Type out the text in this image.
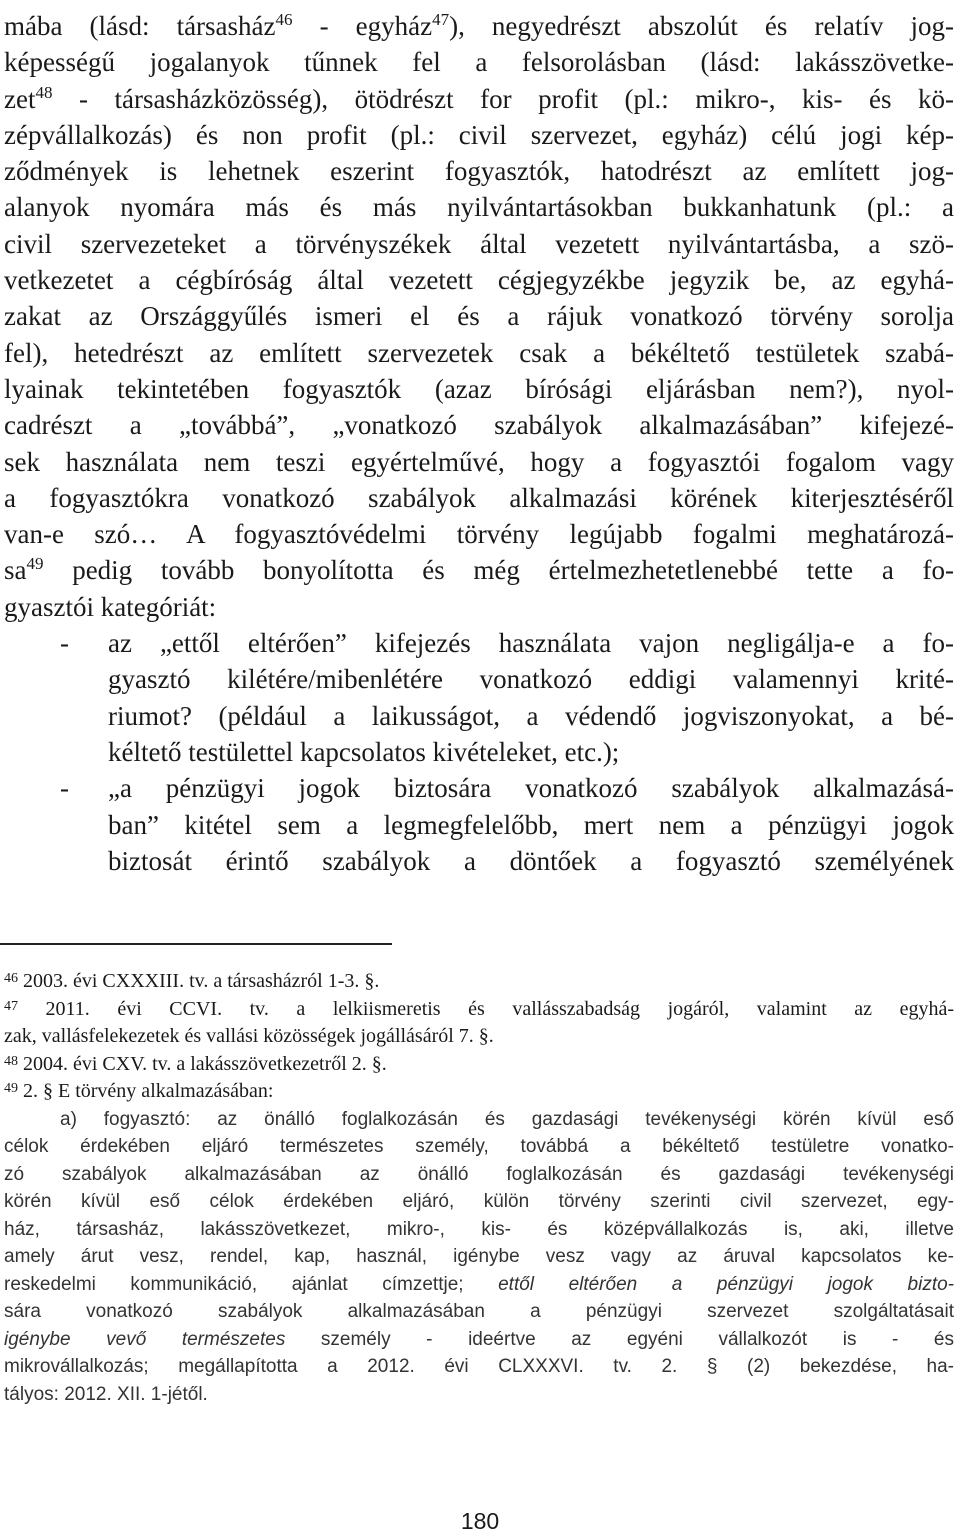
mába (lásd: társasház$^{46}$ - egyház$^{47}$), negyedrészt abszolút és relatív jog-
képességű jogalanyok tűnnek fel a felsorolásban (lásd: lakásszövetke-
zet$^{48}$ - társasházközösség), ötödrészt for profit (pl.: mikro-, kis- és kö-
zépvállalkozás) és non profit (pl.: civil szervezet, egyház) célú jogi kép-
ződmények is lehetnek eszerint fogyasztók, hatodrészt az említett jog-
alanyok nyomára más és más nyilvántartásokban bukkanhatunk (pl.: a
civil szervezeteket a törvényszékek által vezetett nyilvántartásba, a szö-
vetkezetet a cégbíróság által vezetett cégjegyzékbe jegyzik be, az egyhá-
zakat az Országgyűlés ismeri el és a rájuk vonatkozó törvény sorolja
fel), hetedrészt az említett szervezetek csak a békéltető testületek szabá-
lyainak tekintetében fogyasztók (azaz bírósági eljárásban nem?), nyol-
cadrészt a „továbbá”, „vonatkozó szabályok alkalmazásában” kifejezé-
sek használata nem teszi egyértelművé, hogy a fogyasztói fogalom vagy
a fogyasztókra vonatkozó szabályok alkalmazási körének kiterjesztéséről
van-e szó… A fogyasztóvédelmi törvény legújabb fogalmi meghatározá-
$sa^{49}$ pedig tovább bonyolította és még értelmezhetetlenebbé tette a fo-
gyasztói kategóriát:
- az „ettől eltérően” kifejezés használata vajon negligálja-e a fo-
gyasztó kilétére/mibenlétére vonatkozó eddigi valamennyi krité-
riumot? (például a laikusságot, a védendő jogviszonyokat, a bé-
kéltető testülettel kapcsolatos kivételeket, etc.);
- „a pénzügyi jogok biztosára vonatkozó szabályok alkalmazásá-
ban” kitétel sem a legmegfelelőbb, mert nem a pénzügyi jogok
biztosát érintő szabályok a döntőek a fogyasztó személyének
$^{46}$ 2003. évi CXXXIII. tv. a társasházról 1-3. §.
$^{47}$ 2011. évi CCVI. tv. a lelkiismeretis és vallásszabadság jogáról, valamint az egyhá-
zak, vallásfelekezetek és vallási közösségek jogállásáról 7. §.
$^{48}$ 2004. évi CXV. tv. a lakásszövetkezetről 2. §.
$^{49}$ 2. § E törvény alkalmazásában:
a) fogyasztó: az önálló foglalkozásán és gazdasági tevékenységi körén kívül eső
célok érdekében eljáró természetes személy, továbbá a békéltető testületre vonatko-
zó szabályok alkalmazásában az önálló foglalkozásán és gazdasági tevékenységi
körén kívül eső célok érdekében eljáró, külön törvény szerinti civil szervezet, egy-
ház, társasház, lakásszövetkezet, mikro-, kis- és középvállalkozás is, aki, illetve
amely árut vesz, rendel, kap, használ, igénybe vesz vagy az áruval kapcsolatos ke-
reskedelmi kommunikáció, ajánlat címzettje; ettől eltérően a pénzügyi jogok bizto-
sára vonatkozó szabályok alkalmazásában a pénzügyi szervezet szolgáltatásait
igénybe vevő természetes személy - ideértve az egyéni vállalkozót is - és
mikrovállalkozás; megállapította a 2012. évi CLXXXVI. tv. 2. § (2) bekezdése, ha-
tályos: 2012. XII. 1-jétől.
180
